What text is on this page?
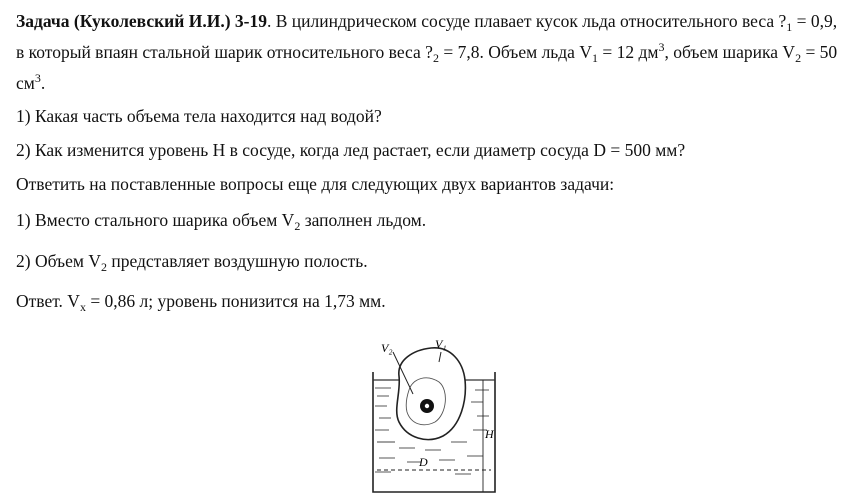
Задача (Куколевский И.И.) 3-19. В цилиндрическом сосуде плавает кусок льда относительного веса $?_1 = 0,9$, в который впаян стальной шарик относительного веса $?_2 = 7,8$. Объем льда $V_1 = 12$ $дм^3$, объем шарика $V_2 = 50$ $см^3$.

1) Какая часть объема тела находится над водой?

2) Как изменится уровень H в сосуде, когда лед растает, если диаметр сосуда D = 500 мм?

Ответить на поставленные вопросы еще для следующих двух вариантов задачи:

1) Вместо стального шарика объем $V_2$ заполнен льдом.

2) Объем $V_2$ представляет воздушную полость.

Ответ. $V_x = 0,86$ л; уровень понизится на 1,73 мм.

V₂	V₁
H
D
